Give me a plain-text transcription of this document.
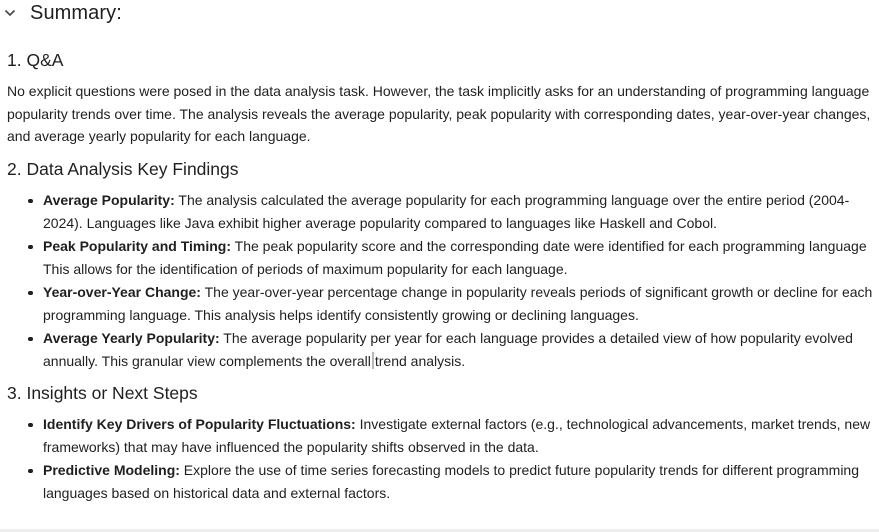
Summary:
1. Q&A

No explicit questions were posed in the data analysis task. However, the task implicitly asks for an understanding of programming language popularity trends over time. The analysis reveals the average popularity, peak popularity with corresponding dates, year-over-year changes, and average yearly popularity for each language.

2. Data Analysis Key Findings
Average Popularity: The analysis calculated the average popularity for each programming language over the entire period (2004-2024). Languages like Java exhibit higher average popularity compared to languages like Haskell and Cobol.
Peak Popularity and Timing: The peak popularity score and the corresponding date were identified for each programming language This allows for the identification of periods of maximum popularity for each language.
Year-over-Year Change: The year-over-year percentage change in popularity reveals periods of significant growth or decline for each programming language. This analysis helps identify consistently growing or declining languages.
Average Yearly Popularity: The average popularity per year for each language provides a detailed view of how popularity evolved annually. This granular view complements the overall trend analysis.
3. Insights or Next Steps
Identify Key Drivers of Popularity Fluctuations: Investigate external factors (e.g., technological advancements, market trends, new frameworks) that may have influenced the popularity shifts observed in the data.
Predictive Modeling: Explore the use of time series forecasting models to predict future popularity trends for different programming languages based on historical data and external factors.
